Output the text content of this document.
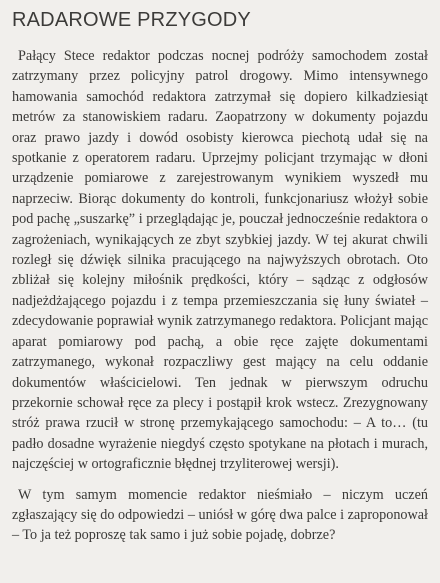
RADAROWE PRZYGODY

Pałący Stece redaktor podczas nocnej podróży samochodem został zatrzymany przez policyjny patrol drogowy. Mimo intensywnego hamowania samochód redaktora zatrzymał się dopiero kilkadziesiąt metrów za stanowiskiem radaru. Zaopatrzony w dokumenty pojazdu oraz prawo jazdy i dowód osobisty kierowca piechotą udał się na spotkanie z operatorem radaru. Uprzejmy policjant trzymając w dłoni urządzenie pomiarowe z zarejestrowanym wynikiem wyszedł mu naprzeciw. Biorąc dokumenty do kontroli, funkcjonariusz włożył sobie pod pachę „suszarkę” i przeglądając je, pouczał jednocześnie redaktora o zagrożeniach, wynikających ze zbyt szybkiej jazdy. W tej akurat chwili rozległ się dźwięk silnika pracującego na najwyższych obrotach. Oto zbliżał się kolejny miłośnik prędkości, który – sądząc z odgłosów nadjeżdżającego pojazdu i z tempa przemieszczania się łuny świateł – zdecydowanie poprawiał wynik zatrzymanego redaktora. Policjant mając aparat pomiarowy pod pachą, a obie ręce zajęte dokumentami zatrzymanego, wykonał rozpaczliwy gest mający na celu oddanie dokumentów właścicielowi. Ten jednak w pierwszym odruchu przekornie schował ręce za plecy i postąpił krok wstecz. Zrezygnowany stróż prawa rzucił w stronę przemykającego samochodu: – A to… (tu padło dosadne wyrażenie niegdyś często spotykane na płotach i murach, najczęściej w ortograficznie błędnej trzyliterowej wersji).

W tym samym momencie redaktor nieśmiało – niczym uczeń zgłaszający się do odpowiedzi – uniósł w górę dwa palce i zaproponował – To ja też poproszę tak samo i już sobie pojadę, dobrze?
